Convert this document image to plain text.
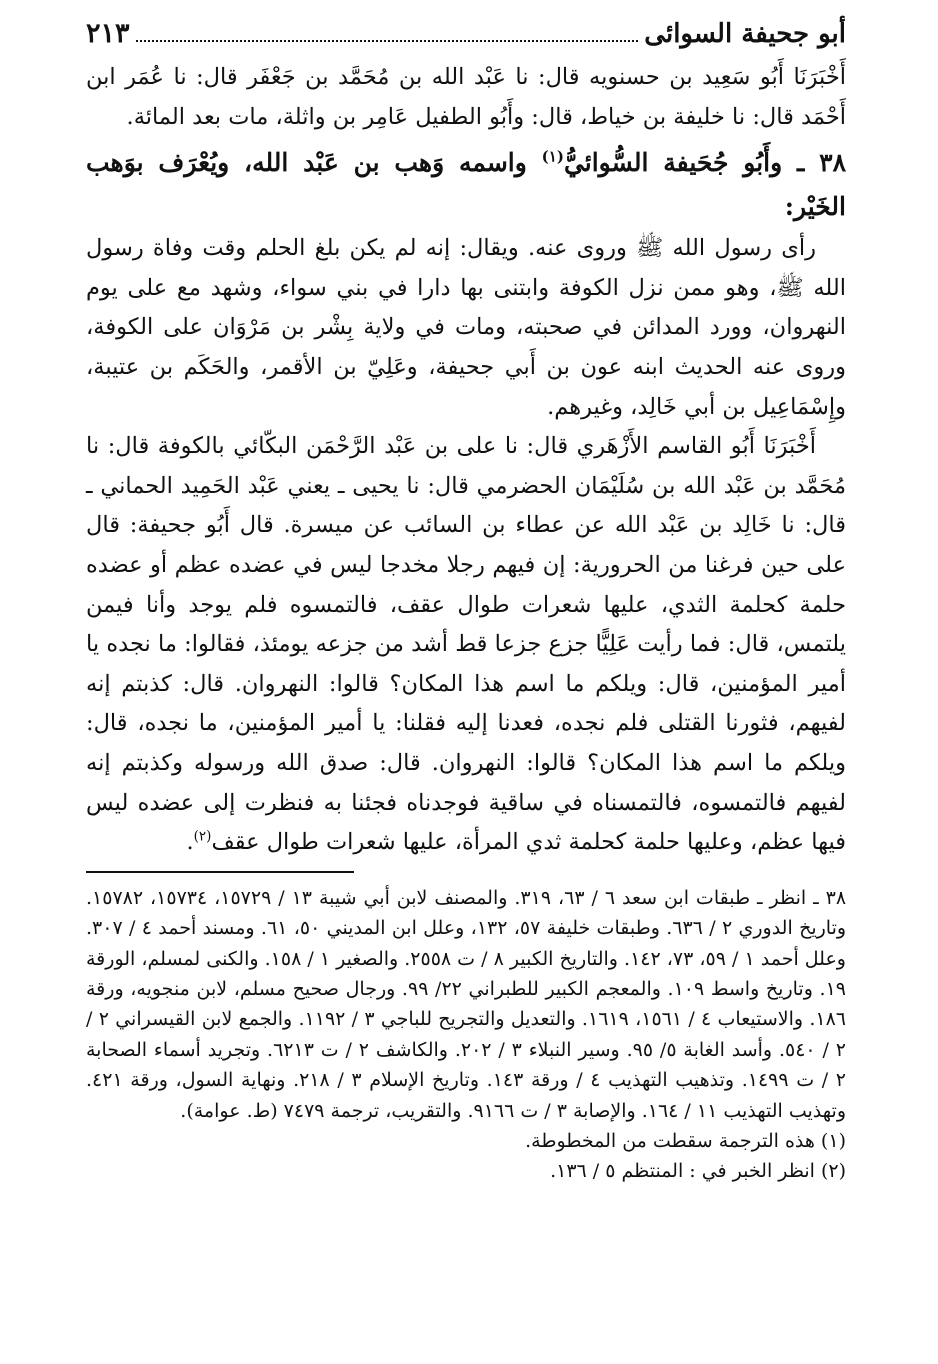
أبو جحيفة السوائى
٢١٣

أَخْبَرَنَا أَبُو سَعِيد بن حسنويه قال: نا عَبْد الله بن مُحَمَّد بن جَعْفَر قال: نا عُمَر ابن أَحْمَد قال: نا خليفة بن خياط، قال: وأَبُو الطفيل عَامِر بن واثلة، مات بعد المائة.

٣٨ ـ وأَبُو جُحَيفة السُّوائيُّ$^{(١)}$ واسمه وَهب بن عَبْد الله، ويُعْرَف بوَهب الخَيْر:

رأى رسول الله ﷺ وروى عنه. ويقال: إنه لم يكن بلغ الحلم وقت وفاة رسول الله ﷺ، وهو ممن نزل الكوفة وابتنى بها دارا في بني سواء، وشهد مع على يوم النهروان، وورد المدائن في صحبته، ومات في ولاية بِشْر بن مَرْوَان على الكوفة، وروى عنه الحديث ابنه عون بن أَبي جحيفة، وعَلِيّ بن الأقمر، والحَكَم بن عتيبة، وإِسْمَاعِيل بن أبي خَالِد، وغيرهم.

أَخْبَرَنَا أَبُو القاسم الأَزْهَري قال: نا على بن عَبْد الرَّحْمَن البكّائي بالكوفة قال: نا مُحَمَّد بن عَبْد الله بن سُلَيْمَان الحضرمي قال: نا يحيى ـ يعني عَبْد الحَمِيد الحماني ـ قال: نا خَالِد بن عَبْد الله عن عطاء بن السائب عن ميسرة. قال أَبُو جحيفة: قال على حين فرغنا من الحرورية: إن فيهم رجلا مخدجا ليس في عضده عظم أو عضده حلمة كحلمة الثدي، عليها شعرات طوال عقف، فالتمسوه فلم يوجد وأنا فيمن يلتمس، قال: فما رأيت عَلِيًّا جزع جزعا قط أشد من جزعه يومئذ، فقالوا: ما نجده يا أمير المؤمنين، قال: ويلكم ما اسم هذا المكان؟ قالوا: النهروان. قال: كذبتم إنه لفيهم، فثورنا القتلى فلم نجده، فعدنا إليه فقلنا: يا أمير المؤمنين، ما نجده، قال: ويلكم ما اسم هذا المكان؟ قالوا: النهروان. قال: صدق الله ورسوله وكذبتم إنه لفيهم فالتمسوه، فالتمسناه في ساقية فوجدناه فجئنا به فنظرت إلى عضده ليس فيها عظم، وعليها حلمة كحلمة ثدي المرأة، عليها شعرات طوال عقف$^{(٢)}$.

٣٨ ـ انظر ـ طبقات ابن سعد ٦ / ٦٣، ٣١٩. والمصنف لابن أبي شيبة ١٣ / ١٥٧٢٩، ١٥٧٣٤، ١٥٧٨٢. وتاريخ الدوري ٢ / ٦٣٦. وطبقات خليفة ٥٧، ١٣٢، وعلل ابن المديني ٥٠، ٦١. ومسند أحمد ٤ / ٣٠٧. وعلل أحمد ١ / ٥٩، ٧٣، ١٤٢. والتاريخ الكبير ٨ / ت ٢٥٥٨. والصغير ١ / ١٥٨. والكنى لمسلم، الورقة ١٩. وتاريخ واسط ١٠٩. والمعجم الكبير للطبراني ٢٢/ ٩٩. ورجال صحيح مسلم، لابن منجويه، ورقة ١٨٦. والاستيعاب ٤ / ١٥٦١، ١٦١٩. والتعديل والتجريح للباجي ٣ / ١١٩٢. والجمع لابن القيسراني ٢ / ٢ / ٥٤٠. وأسد الغابة ٥/ ٩٥. وسير النبلاء ٣ / ٢٠٢. والكاشف ٢ / ت ٦٢١٣. وتجريد أسماء الصحابة ٢ / ت ١٤٩٩. وتذهيب التهذيب ٤ / ورقة ١٤٣. وتاريخ الإسلام ٣ / ٢١٨. ونهاية السول، ورقة ٤٢١. وتهذيب التهذيب ١١ / ١٦٤. والإصابة ٣ / ت ٩١٦٦. والتقريب، ترجمة ٧٤٧٩ (ط. عوامة).

(١) هذه الترجمة سقطت من المخطوطة.

(٢) انظر الخبر في : المنتظم ٥ / ١٣٦.
